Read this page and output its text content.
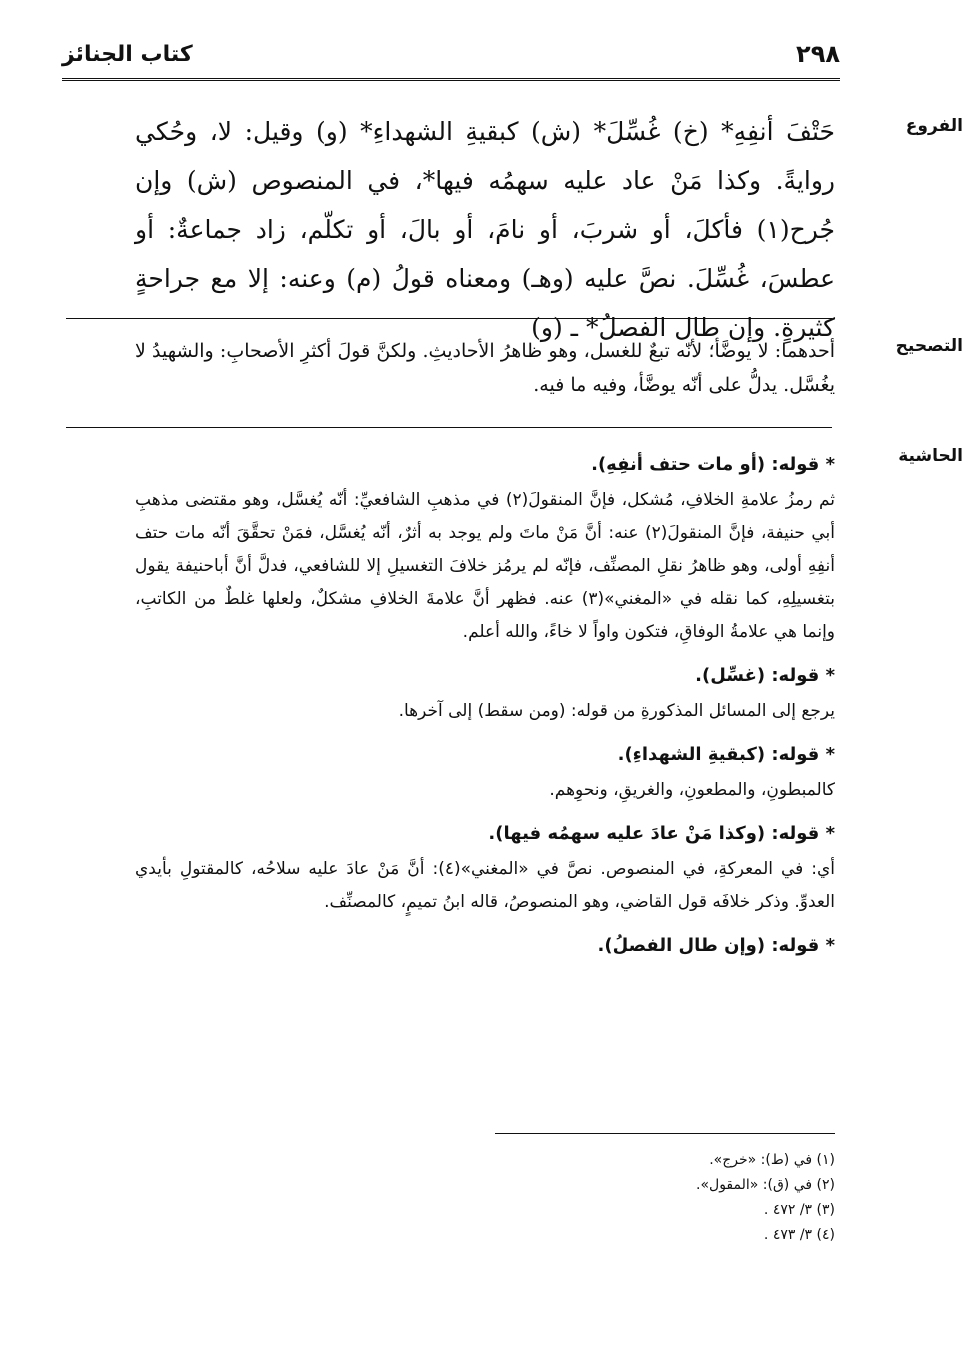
٢٩٨
كتاب الجنائز
الفروع
حَتْفَ أنفِهِ* (خ) غُسِّلَ* (ش) كبقيةِ الشهداءِ* (و) وقيل: لا، وحُكي روايةً. وكذا مَنْ عاد عليه سهمُه فيها*، في المنصوص (ش) وإن جُرح(١) فأكلَ، أو شربَ، أو نامَ، أو بالَ، أو تكلّم، زاد جماعةٌ: أو عطسَ، غُسِّلَ. نصَّ عليه (وهـ) ومعناه قولُ (م) وعنه: إلا مع جراحةٍ كثيرةٍ. وإن طال الفصلُ* ـ (و)
التصحيح
أحدهما: لا يوضَّأ؛ لأنّه تبعٌ للغسل، وهو ظاهرُ الأحاديثِ. ولكنَّ قولَ أكثرِ الأصحابِ: والشهيدُ لا يغُسَّل. يدلُّ على أنّه يوضَّأ، وفيه ما فيه.
الحاشية

* قوله: (أو مات حتف أنفِهِ).

ثم رمزُ علامةِ الخلافِ، مُشكل، فإنَّ المنقولَ(٢) في مذهبِ الشافعيِّ: أنّه يُغسَّل، وهو مقتضى مذهبِ أبي حنيفة، فإنَّ المنقولَ(٢) عنه: أنَّ مَنْ ماتَ ولم يوجد به أثرٌ، أنّه يُغسَّل، فمَنْ تحقَّقَ أنّه مات حتف أنفِهِ أولى، وهو ظاهرُ نقلِ المصنِّف، فإنّه لم يرمُز خلافَ التغسيلِ إلا للشافعي، فدلَّ أنَّ أباحنيفة يقول بتغسيلِهِ، كما نقله في «المغني»(٣) عنه. فظهر أنَّ علامةَ الخلافِ مشكلٌ، ولعلها غلطٌ من الكاتبِ، وإنما هي علامةُ الوفاقِ، فتكون واواً لا خاءً، والله أعلم.

* قوله: (غسِّل).

يرجع إلى المسائل المذكورةِ من قوله: (ومن سقط) إلى آخرها.

* قوله: (كبقيةِ الشهداءِ).

كالمبطونِ، والمطعونِ، والغريقِ، ونحوِهم.

* قوله: (وكذا مَنْ عادَ عليه سهمُه فيها).

أي: في المعركةِ، في المنصوص. نصَّ في «المغني»(٤): أنَّ مَنْ عادَ عليه سلاحُه، كالمقتولِ بأيدي العدوِّ. وذكر خلافَه قول القاضي، وهو المنصوصُ، قاله ابنُ تميمٍ، كالمصنِّف.

* قوله: (وإن طال الفصلُ).

(١) في (ط): «خرج».
(٢) في (ق): «المقول».
(٣) ٣/ ٤٧٢ .
(٤) ٣/ ٤٧٣ .
